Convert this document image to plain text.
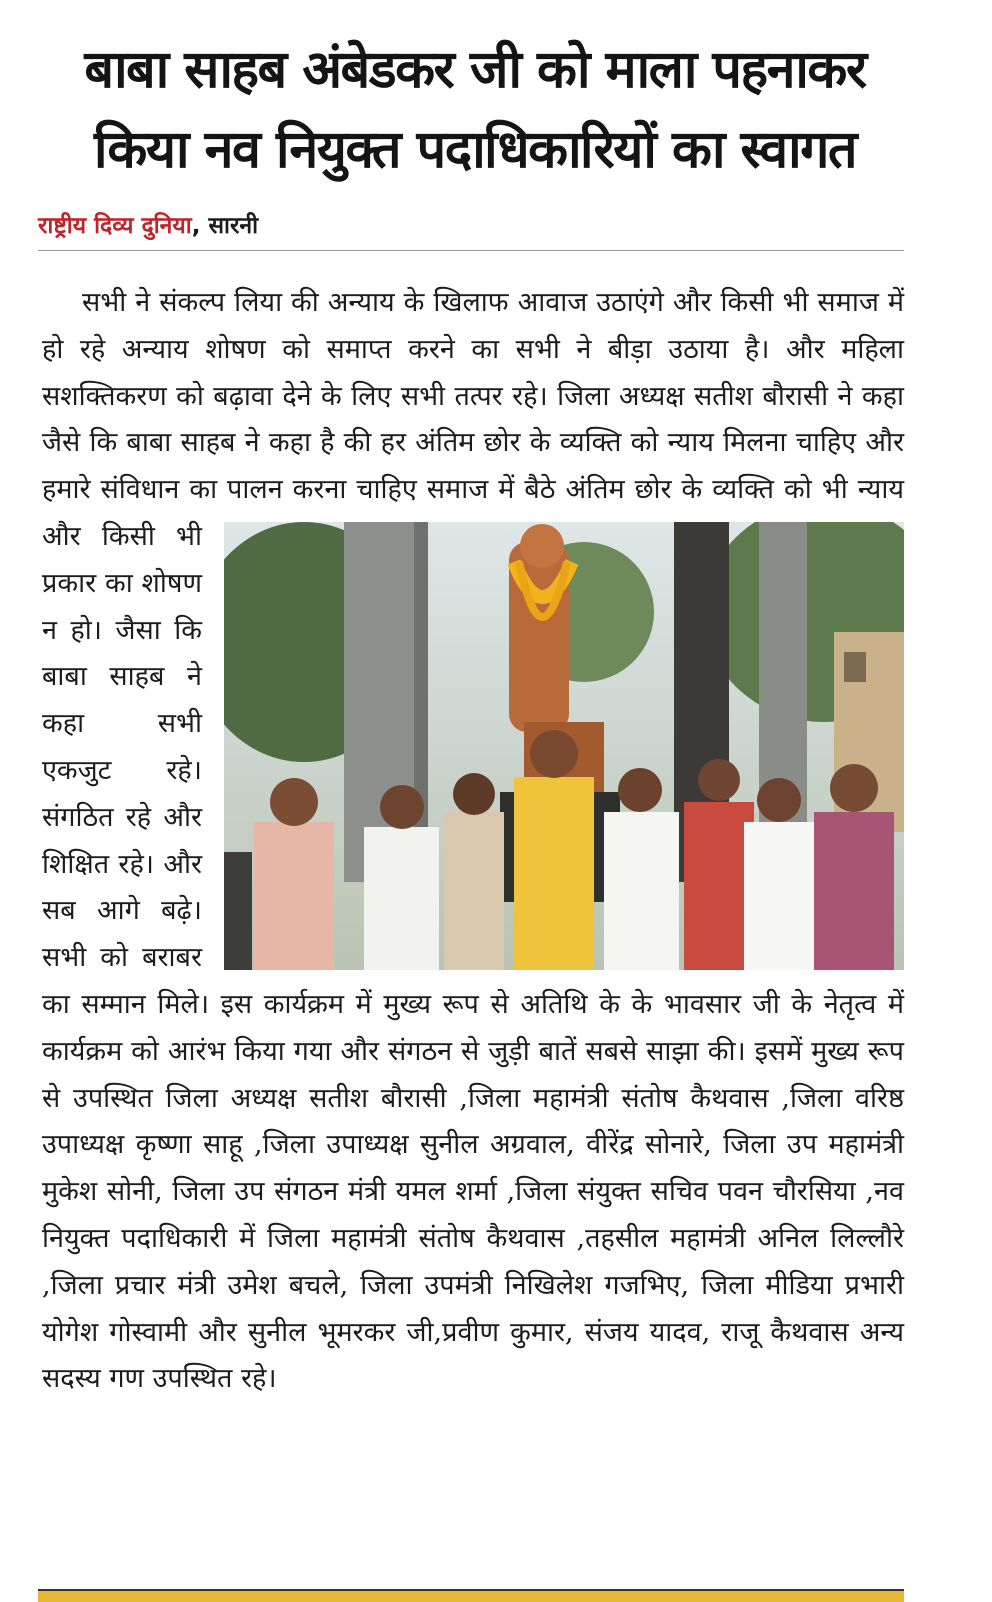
बाबा साहब अंबेडकर जी को माला पहनाकर
किया नव नियुक्त पदाधिकारियों का स्वागत
राष्ट्रीय दिव्य दुनिया, सारनी
सभी ने संकल्प लिया की अन्याय के खिलाफ आवाज उठाएंगे और किसी भी समाज में हो रहे अन्याय शोषण को समाप्त करने का सभी ने बीड़ा उठाया है। और महिला सशक्तिकरण को बढ़ावा देने के लिए सभी तत्पर रहे। जिला अध्यक्ष सतीश बौरासी ने कहा जैसे कि बाबा साहब ने कहा है की हर अंतिम छोर के व्यक्ति को न्याय मिलना चाहिए और हमारे संविधान का पालन करना चाहिए समाज में बैठे अंतिम छोर के व्यक्ति को भी न्याय और किसी भी प्रकार का शोषण न हो। जैसा कि बाबा साहब ने कहा सभी एकजुट रहे। संगठित रहे और शिक्षित रहे। और सब आगे बढ़े। सभी को बराबर का सम्मान मिले। इस कार्यक्रम में मुख्य रूप से अतिथि के के भावसार जी के नेतृत्व में कार्यक्रम को आरंभ किया गया और संगठन से जुड़ी बातें सबसे साझा की। इसमें मुख्य रूप से उपस्थित जिला अध्यक्ष सतीश बौरासी ,जिला महामंत्री संतोष कैथवास ,जिला वरिष्ठ उपाध्यक्ष कृष्णा साहू ,जिला उपाध्यक्ष सुनील अग्रवाल, वीरेंद्र सोनारे, जिला उप महामंत्री मुकेश सोनी, जिला उप संगठन मंत्री यमल शर्मा ,जिला संयुक्त सचिव पवन चौरसिया ,नव नियुक्त पदाधिकारी में जिला महामंत्री संतोष कैथवास ,तहसील महामंत्री अनिल लिल्लौरे ,जिला प्रचार मंत्री उमेश बचले, जिला उपमंत्री निखिलेश गजभिए, जिला मीडिया प्रभारी योगेश गोस्वामी और सुनील भूमरकर जी,प्रवीण कुमार, संजय यादव, राजू कैथवास अन्य सदस्य गण उपस्थित रहे।
